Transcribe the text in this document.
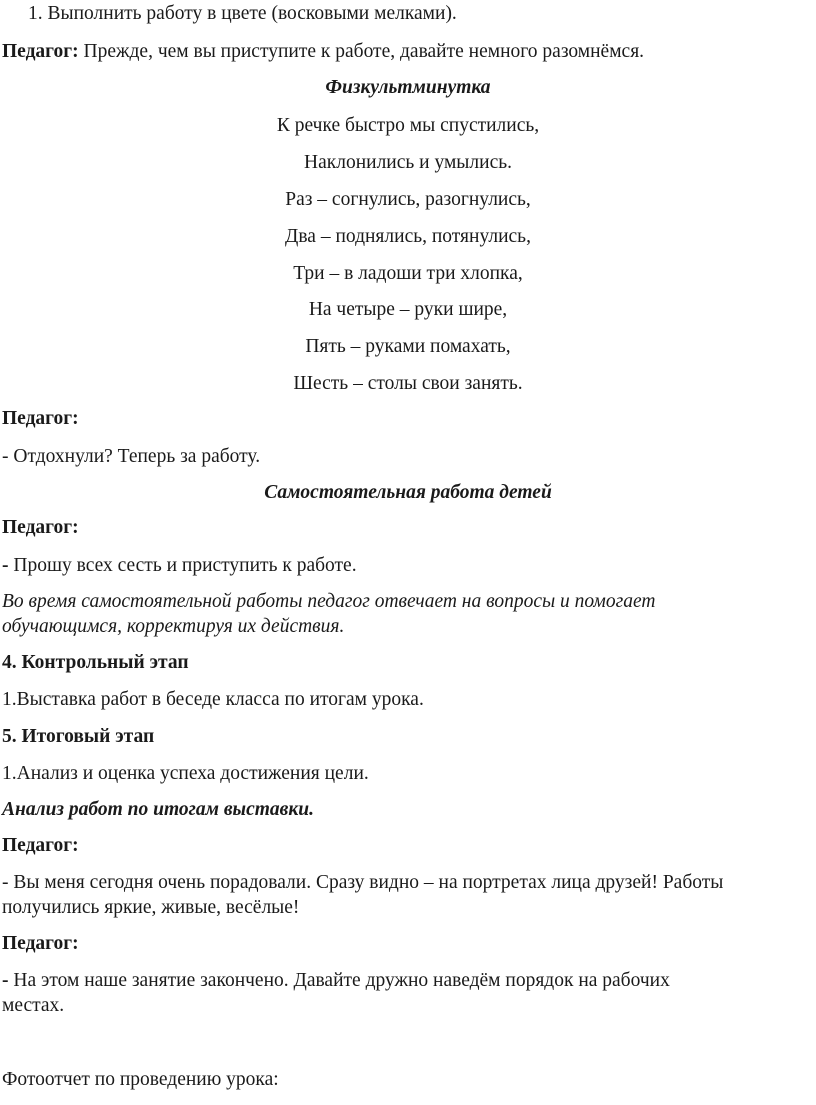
1. Выполнить работу в цвете (восковыми мелками).
Педагог: Прежде, чем вы приступите к работе, давайте немного разомнёмся.
Физкультминутка
К речке быстро мы спустились,
Наклонились и умылись.
Раз – согнулись, разогнулись,
Два – поднялись, потянулись,
Три – в ладоши три хлопка,
На четыре – руки шире,
Пять – руками помахать,
Шесть – столы свои занять.
Педагог:
- Отдохнули? Теперь за работу.
Самостоятельная работа детей
Педагог:
- Прошу всех сесть и приступить к работе.
Во время самостоятельной работы педагог отвечает на вопросы и помогает
обучающимся, корректируя их действия.
4. Контрольный этап
1.Выставка работ в беседе класса по итогам урока.
5. Итоговый этап
1.Анализ и оценка успеха достижения цели.
Анализ работ по итогам выставки.
Педагог:
- Вы меня сегодня очень порадовали. Сразу видно – на портретах лица друзей! Работы
получились яркие, живые, весёлые!
Педагог:
- На этом наше занятие закончено. Давайте дружно наведём порядок на рабочих
местах.
Фотоотчет по проведению урока:
